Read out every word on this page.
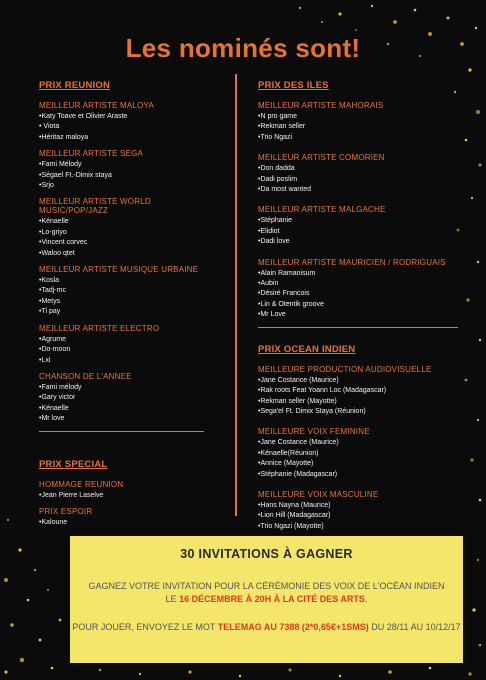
Les nominés sont!
PRIX REUNION
MEILLEUR ARTISTE MALOYA
•Katy Toave et Olivier Araste
• Viota
•Héritaz maloya
MEILLEUR ARTISTE SEGA
•Fami Mélody
•Ségael Ft.-Dimix staya
•Srjo
MEILLEUR ARTISTE WORLD MUSIC/POP/JAZZ
•Kénaelle
•Lo-griyo
•Vincent corvec
•Waloo qtet
MEILLEUR ARTISTE MUSIQUE URBAINE
•Kosla
•Tadj-mc
•Metys
•Ti pay
MEILLEUR ARTISTE ELECTRO
•Agrume
•Do-moon
•Lxi
CHANSON DE L'ANNEE
•Fami mélody
•Gary victor
•Kénaelle
•Mr love
PRIX SPECIAL
HOMMAGE REUNION
•Jean Pierre Laselve
PRIX ESPOIR
•Kaloune
PRIX DES ILES
MEILLEUR ARTISTE MAHORAIS
•N pro game
•Rekman seller
•Trio Ngazi
MEILLEUR ARTISTE COMORIEN
•Don dadda
•Dadi poslim
•Da most wanted
MEILLEUR ARTISTE MALGACHE
•Stéphanie
•Elidiot
•Dadi love
MEILLEUR ARTISTE MAURICIEN / RODRIGUAIS
•Alain Ramanisum
•Aubin
•Désiré Francois
•Lin & Otentik groove
•Mr Love
PRIX OCEAN INDIEN
MEILLEURE PRODUCTION AUDIOVISUELLE
•Jane Costance (Maurice)
•Rak roots Feat Yoann Loc (Madagascar)
•Rekman seller (Mayotte)
•Sega'el Ft. Dimix Staya (Réunion)
MEILLEURE VOIX FEMININE
•Jane Costance (Maurice)
•Kénaelle(Réunion)
•Annice (Mayotte)
•Stéphanie (Madagascar)
MEILLEURE VOIX MASCULINE
•Hans Nayna (Maurice)
•Lion Hill (Madagascar)
•Trio Ngazi (Mayotte)
30 INVITATIONS À GAGNER
GAGNEZ VOTRE INVITATION POUR LA CÉRÉMONIE DES VOIX DE L'OCÉAN INDIEN
LE 16 DÉCEMBRE À 20H À LA CITÉ DES ARTS.
POUR JOUER, ENVOYEZ LE MOT TELEMAG AU 7388 (2*0,65€+1SMS) DU 28/11 AU 10/12/17
